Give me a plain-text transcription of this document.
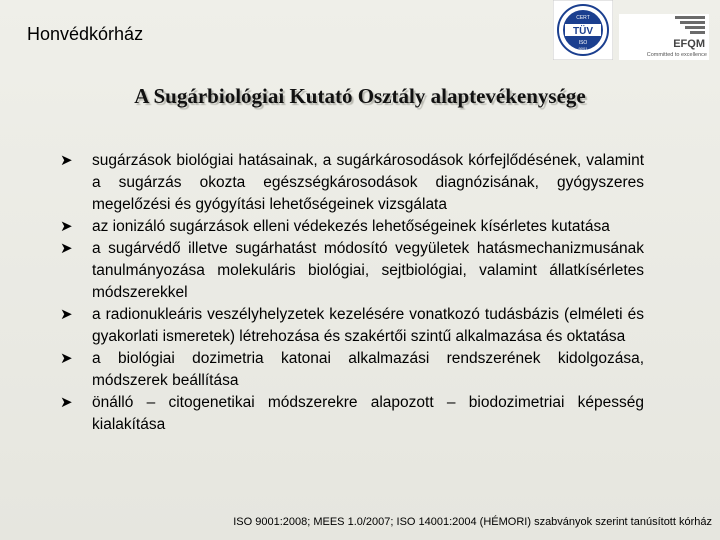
Honvédkórház	TÜV
CERT
ISO
9001	EFQM
Committed to excellence
A Sugárbiológiai Kutató Osztály alaptevékenysége
➤ sugárzások biológiai hatásainak, a sugárkárosodások kórfejlődésének, valamint a sugárzás okozta egészségkárosodások diagnózisának, gyógyszeres megelőzési és gyógyítási lehetőségeinek vizsgálata
➤ az ionizáló sugárzások elleni védekezés lehetőségeinek kísérletes kutatása
➤ a sugárvédő illetve sugárhatást módosító vegyületek hatásmechanizmusának tanulmányozása molekuláris biológiai, sejtbiológiai, valamint állatkísérletes módszerekkel
➤ a radionukleáris veszélyhelyzetek kezelésére vonatkozó tudásbázis (elméleti és gyakorlati ismeretek) létrehozása és szakértői szintű alkalmazása és oktatása
➤ a biológiai dozimetria katonai alkalmazási rendszerének kidolgozása, módszerek beállítása
➤ önálló – citogenetikai módszerekre alapozott – biodozimetriai képesség kialakítása
ISO 9001:2008; MEES 1.0/2007; ISO 14001:2004 (HÉMORI) szabványok szerint tanúsított kórház
